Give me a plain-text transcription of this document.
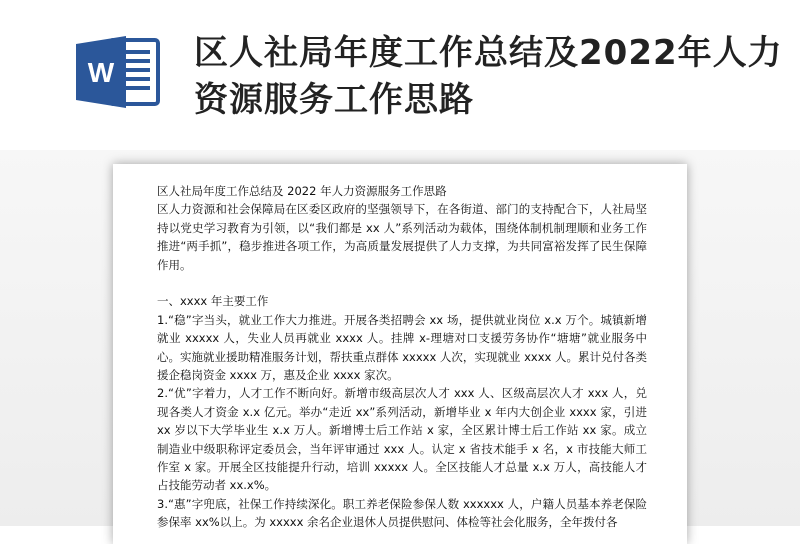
W 区人社局年度工作总结及2022年人力资源服务工作思路

区人社局年度工作总结及 2022 年人力资源服务工作思路

区人力资源和社会保障局在区委区政府的坚强领导下，在各街道、部门的支持配合下，人社局坚持以党史学习教育为引领，以“我们都是 xx 人”系列活动为载体，围绕体制机制理顺和业务工作推进“两手抓”，稳步推进各项工作，为高质量发展提供了人力支撑，为共同富裕发挥了民生保障作用。

一、xxxx 年主要工作

1.“稳”字当头，就业工作大力推进。开展各类招聘会 xx 场，提供就业岗位 x.x 万个。城镇新增就业 xxxxx 人，失业人员再就业 xxxx 人。挂牌 x-理塘对口支援劳务协作“塘塘”就业服务中心。实施就业援助精准服务计划，帮扶重点群体 xxxxx 人次，实现就业 xxxx 人。累计兑付各类援企稳岗资金 xxxx 万，惠及企业 xxxx 家次。

2.“优”字着力，人才工作不断向好。新增市级高层次人才 xxx 人、区级高层次人才 xxx 人，兑现各类人才资金 x.x 亿元。举办“走近 xx”系列活动，新增毕业 x 年内大创企业 xxxx 家，引进 xx 岁以下大学毕业生 x.x 万人。新增博士后工作站 x 家，全区累计博士后工作站 xx 家。成立制造业中级职称评定委员会，当年评审通过 xxx 人。认定 x 省技术能手 x 名，x 市技能大师工作室 x 家。开展全区技能提升行动，培训 xxxxx 人。全区技能人才总量 x.x 万人，高技能人才占技能劳动者 xx.x%。

3.“惠”字兜底，社保工作持续深化。职工养老保险参保人数 xxxxxx 人，户籍人员基本养老保险参保率 xx%以上。为 xxxxx 余名企业退休人员提供慰问、体检等社会化服务，全年拨付各
